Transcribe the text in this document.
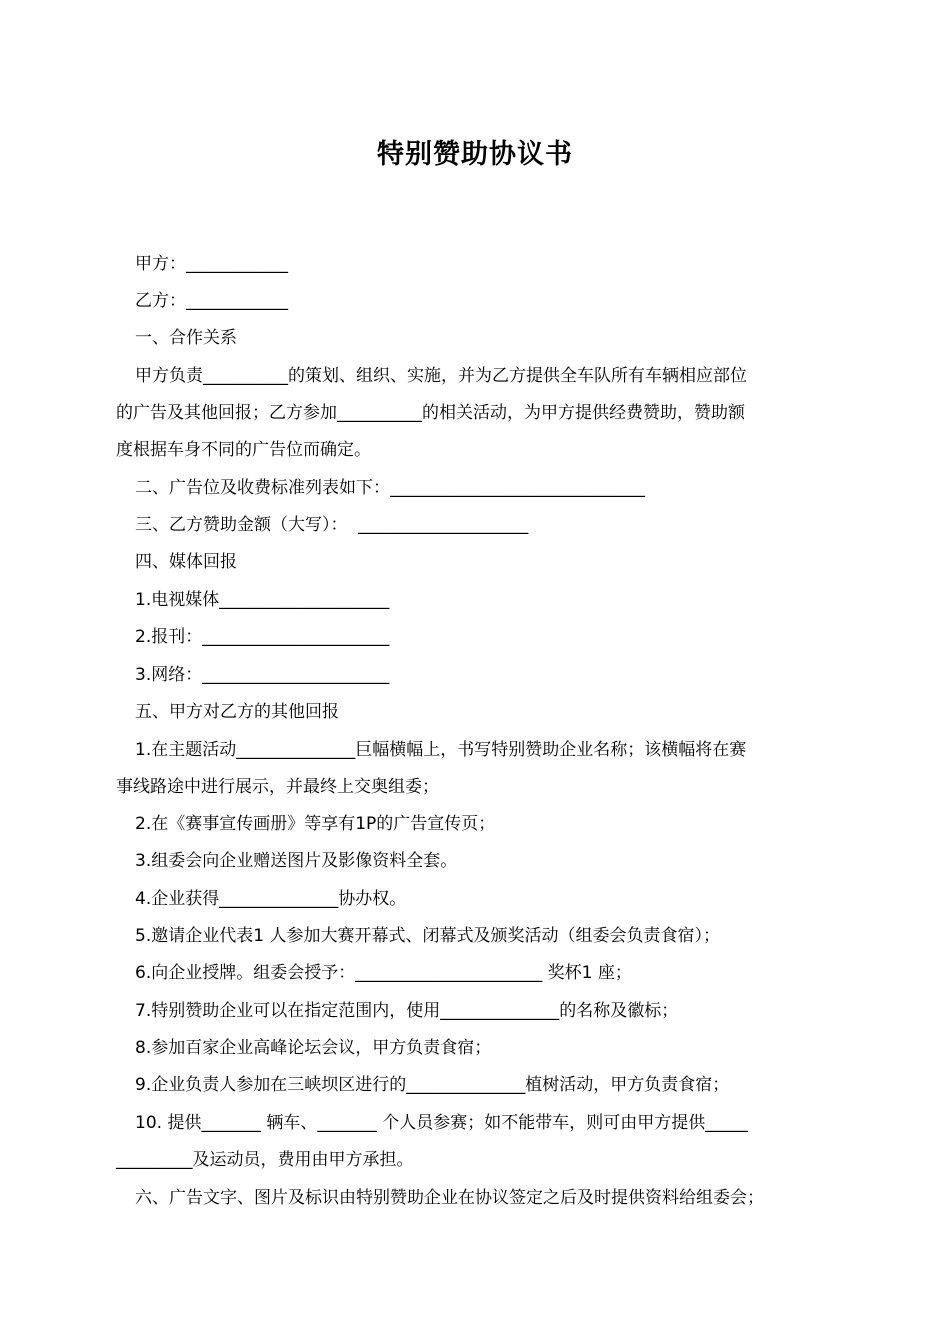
特别赞助协议书
甲方：____________
乙方：____________
一、合作关系
甲方负责__________的策划、组织、实施，并为乙方提供全车队所有车辆相应部位
的广告及其他回报；乙方参加__________的相关活动，为甲方提供经费赞助，赞助额
度根据车身不同的广告位而确定。
二、广告位及收费标准列表如下：______________________________
三、乙方赞助金额（大写）：  ____________________
四、媒体回报
1.电视媒体____________________
2.报刊：______________________
3.网络：______________________
五、甲方对乙方的其他回报
1.在主题活动______________巨幅横幅上，书写特别赞助企业名称；该横幅将在赛
事线路途中进行展示，并最终上交奥组委；
2.在《赛事宣传画册》等享有1P的广告宣传页；
3.组委会向企业赠送图片及影像资料全套。
4.企业获得______________协办权。
5.邀请企业代表1 人参加大赛开幕式、闭幕式及颁奖活动（组委会负责食宿）；
6.向企业授牌。组委会授予：______________________ 奖杯1 座；
7.特别赞助企业可以在指定范围内，使用______________的名称及徽标；
8.参加百家企业高峰论坛会议，甲方负责食宿；
9.企业负责人参加在三峡坝区进行的______________植树活动，甲方负责食宿；
10. 提供_______ 辆车、_______ 个人员参赛；如不能带车，则可由甲方提供_____
_________及运动员，费用由甲方承担。
六、广告文字、图片及标识由特别赞助企业在协议签定之后及时提供资料给组委会；
